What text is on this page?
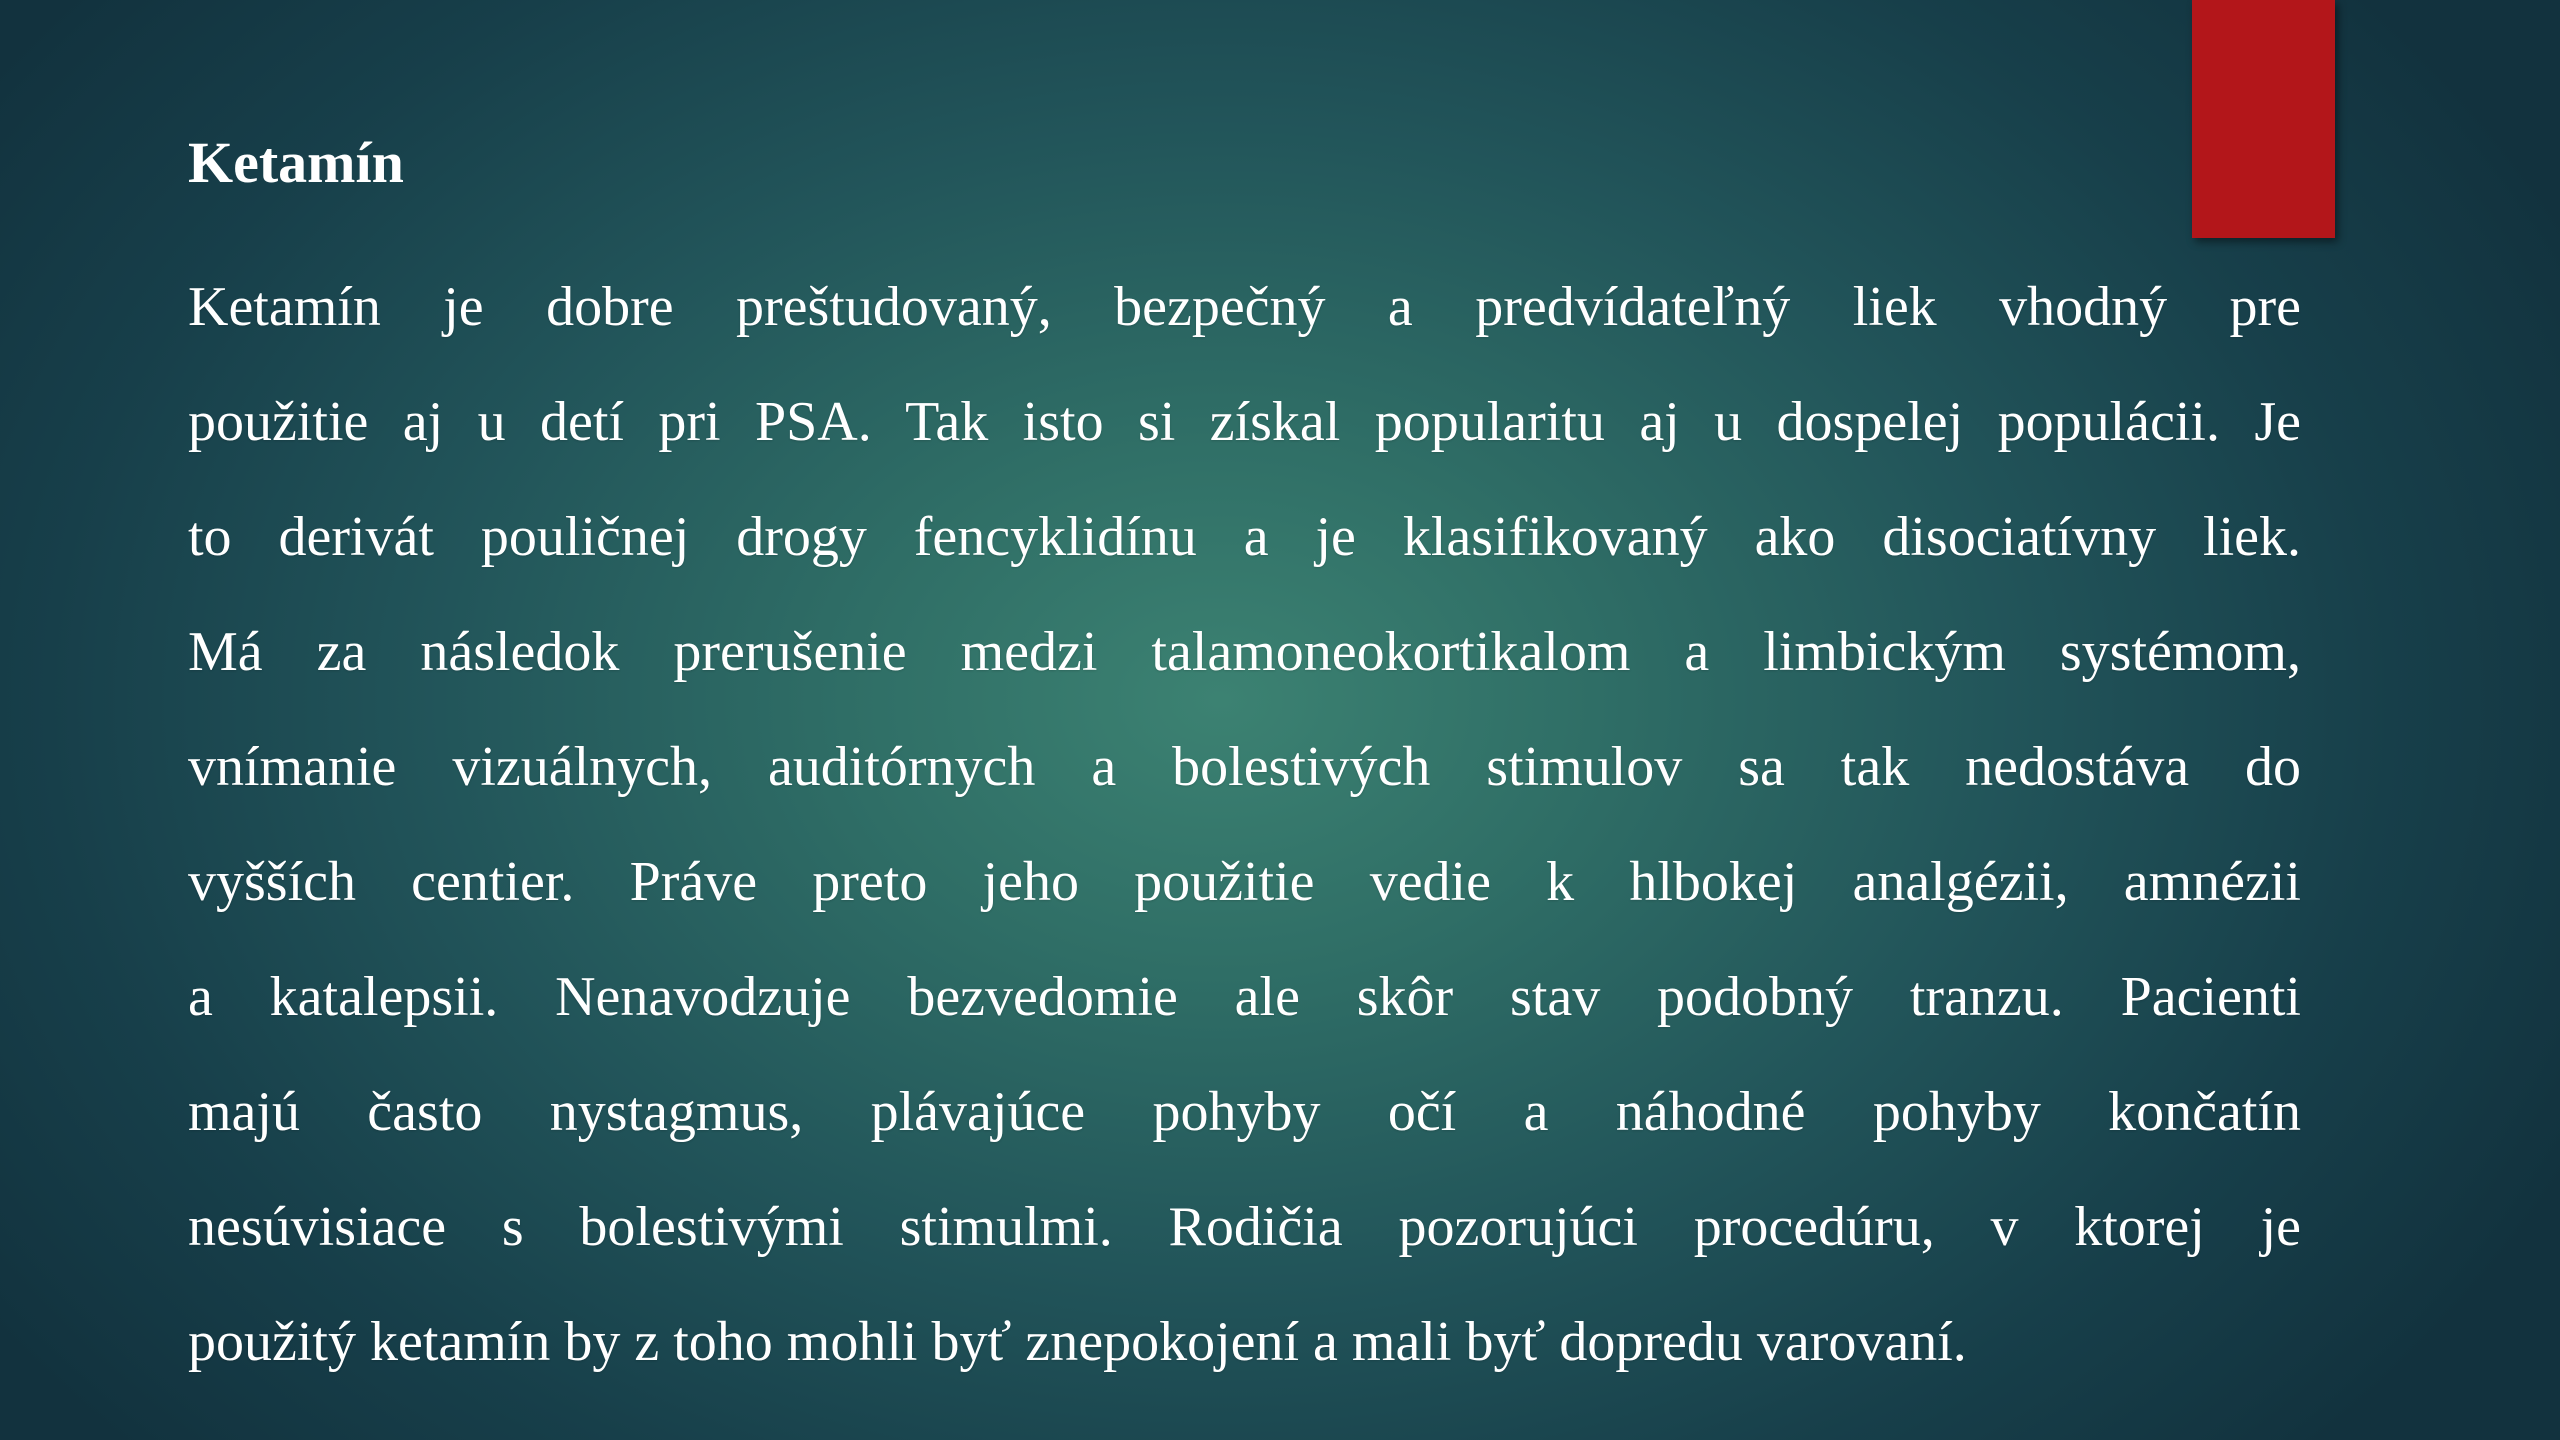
Ketamín
Ketamín je dobre preštudovaný, bezpečný a predvídateľný liek vhodný pre
použitie aj u detí pri PSA. Tak isto si získal popularitu aj u dospelej populácii. Je
to derivát pouličnej drogy fencyklidínu a je klasifikovaný ako disociatívny liek.
Má za následok prerušenie medzi talamoneokortikalom a limbickým systémom,
vnímanie vizuálnych, auditórnych a bolestivých stimulov sa tak nedostáva do
vyšších centier. Práve preto jeho použitie vedie k hlbokej analgézii, amnézii
a katalepsii. Nenavodzuje bezvedomie ale skôr stav podobný tranzu. Pacienti
majú často nystagmus, plávajúce pohyby očí a náhodné pohyby končatín
nesúvisiace s bolestivými stimulmi. Rodičia pozorujúci procedúru, v ktorej je
použitý ketamín by z toho mohli byť znepokojení a mali byť dopredu varovaní.
